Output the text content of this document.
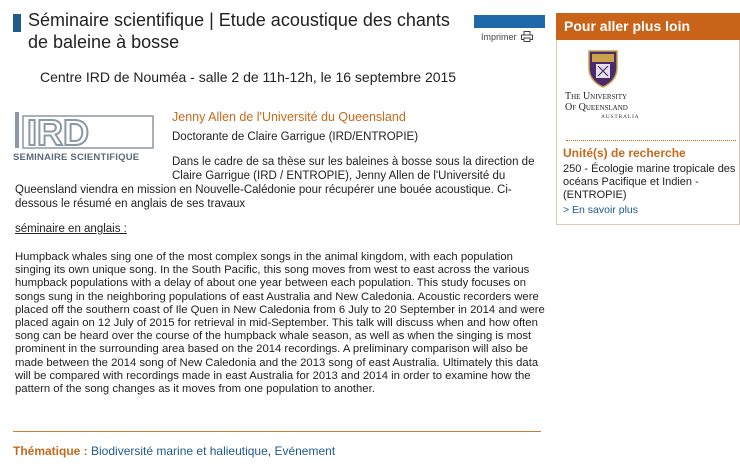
Séminaire scientifique | Etude acoustique des chants de baleine à bosse	Imprimer
Centre IRD de Nouméa - salle 2 de 11h-12h, le 16 septembre 2015
IRD
SEMINAIRE SCIENTIFIQUE
Jenny Allen de l'Université du Queensland
Doctorante de Claire Garrigue (IRD/ENTROPIE)
Dans le cadre de sa thèse sur les baleines à bosse sous la direction de Claire Garrigue (IRD / ENTROPIE), Jenny Allen de l'Université du
Queensland viendra en mission en Nouvelle-Calédonie pour récupérer une bouée acoustique. Ci-dessous le résumé en anglais de ses travaux
séminaire en anglais :

Humpback whales sing one of the most complex songs in the animal kingdom, with each population singing its own unique song. In the South Pacific, this song moves from west to east across the various humpback populations with a delay of about one year between each population. This study focuses on songs sung in the neighboring populations of east Australia and New Caledonia. Acoustic recorders were placed off the southern coast of Ile Quen in New Caledonia from 6 July to 20 September in 2014 and were placed again on 12 July of 2015 for retrieval in mid-September. This talk will discuss when and how often song can be heard over the course of the humpback whale season, as well as when the singing is most prominent in the surrounding area based on the 2014 recordings. A preliminary comparison will also be made between the 2014 song of New Caledonia and the 2013 song of east Australia. Ultimately this data will be compared with recordings made in east Australia for 2013 and 2014 in order to examine how the pattern of the song changes as it moves from one population to another.

Thématique : Biodiversité marine et halieutique, Evénement
Pour aller plus loin
The University
Of Queensland
AUSTRALIA
Unité(s) de recherche
250 - Écologie marine tropicale des océans Pacifique et Indien - (ENTROPIE)
> En savoir plus
